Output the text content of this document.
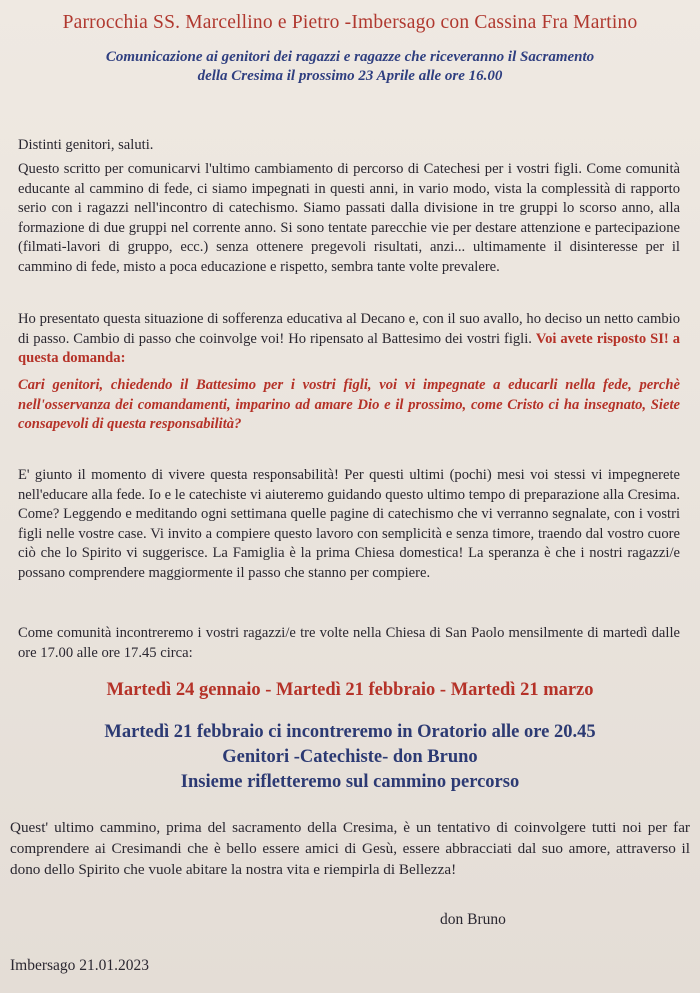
Parrocchia SS. Marcellino e Pietro -Imbersago con Cassina Fra Martino
Comunicazione ai genitori dei ragazzi e ragazze che riceveranno il Sacramento
della Cresima il prossimo 23 Aprile alle ore 16.00

Distinti genitori, saluti.

Questo scritto per comunicarvi l'ultimo cambiamento di percorso di Catechesi per i vostri figli. Come comunità educante al cammino di fede, ci siamo impegnati in questi anni, in vario modo, vista la complessità di rapporto serio con i ragazzi nell'incontro di catechismo. Siamo passati dalla divisione in tre gruppi lo scorso anno, alla formazione di due gruppi nel corrente anno. Si sono tentate parecchie vie per destare attenzione e partecipazione (filmati-lavori di gruppo, ecc.) senza ottenere pregevoli risultati, anzi... ultimamente il disinteresse per il cammino di fede, misto a poca educazione e rispetto, sembra tante volte prevalere.

Ho presentato questa situazione di sofferenza educativa al Decano e, con il suo avallo, ho deciso un netto cambio di passo. Cambio di passo che coinvolge voi! Ho ripensato al Battesimo dei vostri figli. Voi avete risposto SI! a questa domanda:

Cari genitori, chiedendo il Battesimo per i vostri figli, voi vi impegnate a educarli nella fede, perchè nell'osservanza dei comandamenti, imparino ad amare Dio e il prossimo, come Cristo ci ha insegnato, Siete consapevoli di questa responsabilità?

E' giunto il momento di vivere questa responsabilità! Per questi ultimi (pochi) mesi voi stessi vi impegnerete nell'educare alla fede. Io e le catechiste vi aiuteremo guidando questo ultimo tempo di preparazione alla Cresima. Come? Leggendo e meditando ogni settimana quelle pagine di catechismo che vi verranno segnalate, con i vostri figli nelle vostre case. Vi invito a compiere questo lavoro con semplicità e senza timore, traendo dal vostro cuore ciò che lo Spirito vi suggerisce. La Famiglia è la prima Chiesa domestica! La speranza è che i nostri ragazzi/e possano comprendere maggiormente il passo che stanno per compiere.

Come comunità incontreremo i vostri ragazzi/e tre volte nella Chiesa di San Paolo mensilmente di martedì dalle ore 17.00 alle ore 17.45 circa:

Martedì 24 gennaio - Martedì 21 febbraio - Martedì 21 marzo
Martedì 21 febbraio ci incontreremo in Oratorio alle ore 20.45
Genitori -Catechiste- don Bruno
Insieme rifletteremo sul cammino percorso

Quest' ultimo cammino, prima del sacramento della Cresima, è un tentativo di coinvolgere tutti noi per far comprendere ai Cresimandi che è bello essere amici di Gesù, essere abbracciati dal suo amore, attraverso il dono dello Spirito che vuole abitare la nostra vita e riempirla di Bellezza!

don Bruno
Imbersago 21.01.2023
